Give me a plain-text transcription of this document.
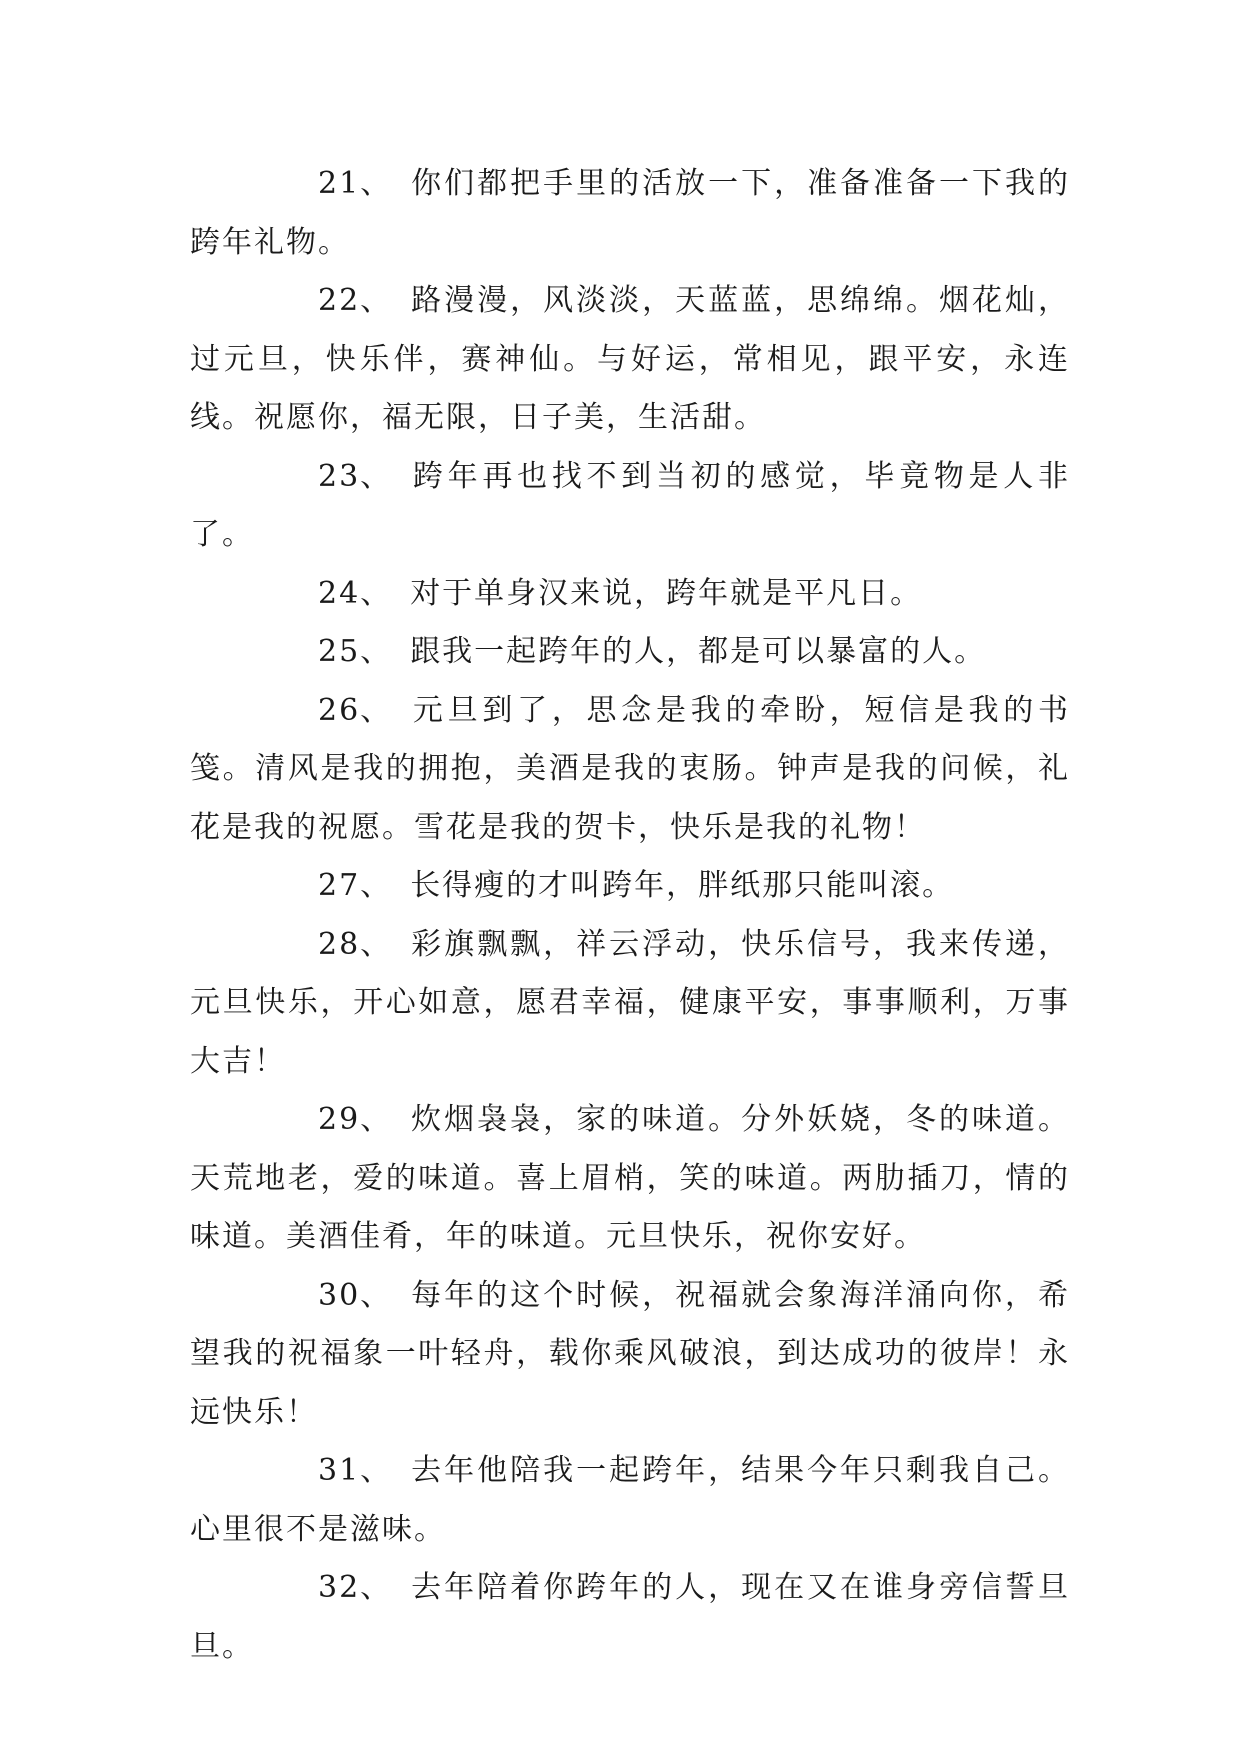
21、 你们都把手里的活放一下，准备准备一下我的跨年礼物。

22、 路漫漫，风淡淡，天蓝蓝，思绵绵。烟花灿，过元旦，快乐伴，赛神仙。与好运，常相见，跟平安，永连线。祝愿你，福无限，日子美，生活甜。

23、 跨年再也找不到当初的感觉，毕竟物是人非了。

24、 对于单身汉来说，跨年就是平凡日。

25、 跟我一起跨年的人，都是可以暴富的人。

26、 元旦到了，思念是我的牵盼，短信是我的书笺。清风是我的拥抱，美酒是我的衷肠。钟声是我的问候，礼花是我的祝愿。雪花是我的贺卡，快乐是我的礼物！

27、 长得瘦的才叫跨年，胖纸那只能叫滚。

28、 彩旗飘飘，祥云浮动，快乐信号，我来传递，元旦快乐，开心如意，愿君幸福，健康平安，事事顺利，万事大吉！

29、 炊烟袅袅，家的味道。分外妖娆，冬的味道。天荒地老，爱的味道。喜上眉梢，笑的味道。两肋插刀，情的味道。美酒佳肴，年的味道。元旦快乐，祝你安好。

30、 每年的这个时候，祝福就会象海洋涌向你，希望我的祝福象一叶轻舟，载你乘风破浪，到达成功的彼岸！永远快乐！

31、 去年他陪我一起跨年，结果今年只剩我自己。心里很不是滋味。

32、 去年陪着你跨年的人，现在又在谁身旁信誓旦旦。
